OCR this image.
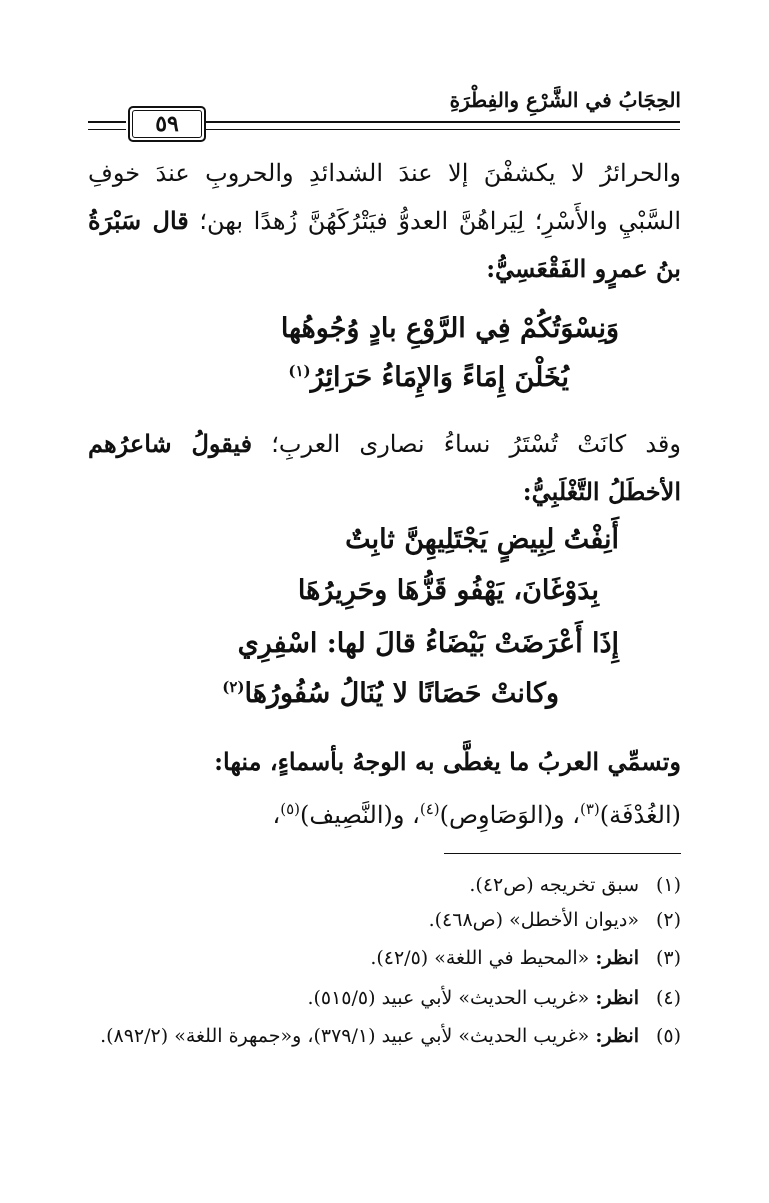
الحِجَابُ في الشَّرْعِ والفِطْرَةِ
٥٩
والحرائرُ لا يكشفْنَ إلا عندَ الشدائدِ والحروبِ عندَ خوفِ السَّبْيِ والأَسْرِ؛ لِيَراهُنَّ العدوُّ فيَتْرُكَهُنَّ زُهدًا بهن؛ قال سَبْرَةُ بنُ عمرٍو الفَقْعَسِيُّ:
وَنِسْوَتُكُمْ فِي الرَّوْعِ بادٍ وُجُوهُها
يُخَلْنَ إِمَاءً وَالإِمَاءُ حَرَائِرُ$^{(١)}$
وقد كانَتْ تُسْتَرُ نساءُ نصارى العربِ؛ فيقولُ شاعرُهم الأخطَلُ التَّغْلَبِيُّ:
أَنِفْتُ لِبِيضٍ يَجْتَلِيهِنَّ ثابِتٌ
بِدَوْغَانَ، يَهْفُو قَزُّهَا وحَرِيرُهَا
إِذَا أَعْرَضَتْ بَيْضَاءُ قالَ لها: اسْفِرِي
وكانتْ حَصَانًا لا يُنَالُ سُفُورُهَا$^{(٢)}$
وتسمِّي العربُ ما يغطَّى به الوجهُ بأسماءٍ، منها:
(الغُدْفَة)$^{(٣)}$، و(الوَصَاوِص)$^{(٤)}$، و(النَّصِيف)$^{(٥)}$،
(١)سبق تخريجه (ص٤٢).
(٢)«ديوان الأخطل» (ص٤٦٨).
(٣)انظر: «المحيط في اللغة» (٤٢/٥).
(٤)انظر: «غريب الحديث» لأبي عبيد (٥١٥/٥).
(٥)انظر: «غريب الحديث» لأبي عبيد (٣٧٩/١)، و«جمهرة اللغة» (٨٩٢/٢).
